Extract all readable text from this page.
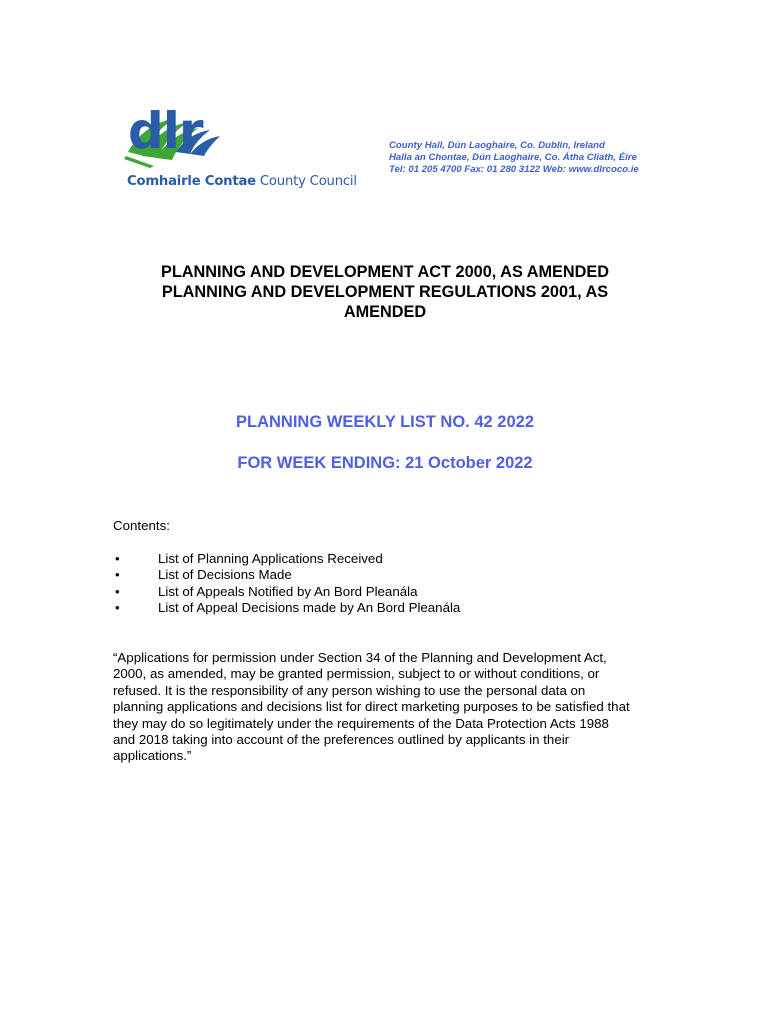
dlr
Comhairle Contae County Council
County Hall, Dún Laoghaire, Co. Dublin, Ireland
Halla an Chontae, Dún Laoghaire, Co. Átha Cliath, Éire
Tel: 01 205 4700 Fax: 01 280 3122 Web: www.dlrcoco.ie
PLANNING AND DEVELOPMENT ACT 2000, AS AMENDED
PLANNING AND DEVELOPMENT REGULATIONS 2001, AS
AMENDED
PLANNING WEEKLY LIST NO. 42 2022
FOR WEEK ENDING: 21 October 2022
Contents:
•	List of Planning Applications Received
•	List of Decisions Made
•	List of Appeals Notified by An Bord Pleanála
•	List of Appeal Decisions made by An Bord Pleanála
“Applications for permission under Section 34 of the Planning and Development Act,
2000, as amended, may be granted permission, subject to or without conditions, or
refused. It is the responsibility of any person wishing to use the personal data on
planning applications and decisions list for direct marketing purposes to be satisfied that
they may do so legitimately under the requirements of the Data Protection Acts 1988
and 2018 taking into account of the preferences outlined by applicants in their
applications.”
